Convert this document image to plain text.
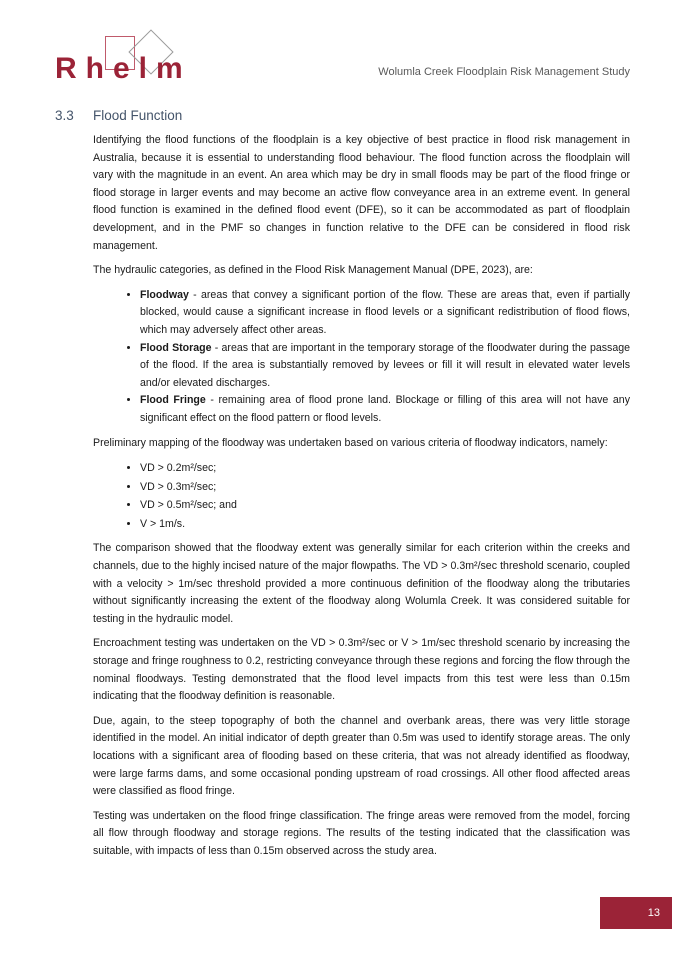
Rhelm	Wolumla Creek Floodplain Risk Management Study
3.3	Flood Function

Identifying the flood functions of the floodplain is a key objective of best practice in flood risk management in Australia, because it is essential to understanding flood behaviour. The flood function across the floodplain will vary with the magnitude in an event. An area which may be dry in small floods may be part of the flood fringe or flood storage in larger events and may become an active flow conveyance area in an extreme event. In general flood function is examined in the defined flood event (DFE), so it can be accommodated as part of floodplain development, and in the PMF so changes in function relative to the DFE can be considered in flood risk management.

The hydraulic categories, as defined in the Flood Risk Management Manual (DPE, 2023), are:

• Floodway - areas that convey a significant portion of the flow. These are areas that, even if partially blocked, would cause a significant increase in flood levels or a significant redistribution of flood flows, which may adversely affect other areas.
• Flood Storage - areas that are important in the temporary storage of the floodwater during the passage of the flood. If the area is substantially removed by levees or fill it will result in elevated water levels and/or elevated discharges.
• Flood Fringe - remaining area of flood prone land. Blockage or filling of this area will not have any significant effect on the flood pattern or flood levels.

Preliminary mapping of the floodway was undertaken based on various criteria of floodway indicators, namely:

• VD > 0.2m²/sec;
• VD > 0.3m²/sec;
• VD > 0.5m²/sec; and
• V > 1m/s.

The comparison showed that the floodway extent was generally similar for each criterion within the creeks and channels, due to the highly incised nature of the major flowpaths. The VD > 0.3m²/sec threshold scenario, coupled with a velocity > 1m/sec threshold provided a more continuous definition of the floodway along the tributaries without significantly increasing the extent of the floodway along Wolumla Creek. It was considered suitable for testing in the hydraulic model.

Encroachment testing was undertaken on the VD > 0.3m²/sec or V > 1m/sec threshold scenario by increasing the storage and fringe roughness to 0.2, restricting conveyance through these regions and forcing the flow through the nominal floodways. Testing demonstrated that the flood level impacts from this test were less than 0.15m indicating that the floodway definition is reasonable.

Due, again, to the steep topography of both the channel and overbank areas, there was very little storage identified in the model. An initial indicator of depth greater than 0.5m was used to identify storage areas. The only locations with a significant area of flooding based on these criteria, that was not already identified as floodway, were large farms dams, and some occasional ponding upstream of road crossings. All other flood affected areas were classified as flood fringe.

Testing was undertaken on the flood fringe classification. The fringe areas were removed from the model, forcing all flow through floodway and storage regions. The results of the testing indicated that the classification was suitable, with impacts of less than 0.15m observed across the study area.

13
